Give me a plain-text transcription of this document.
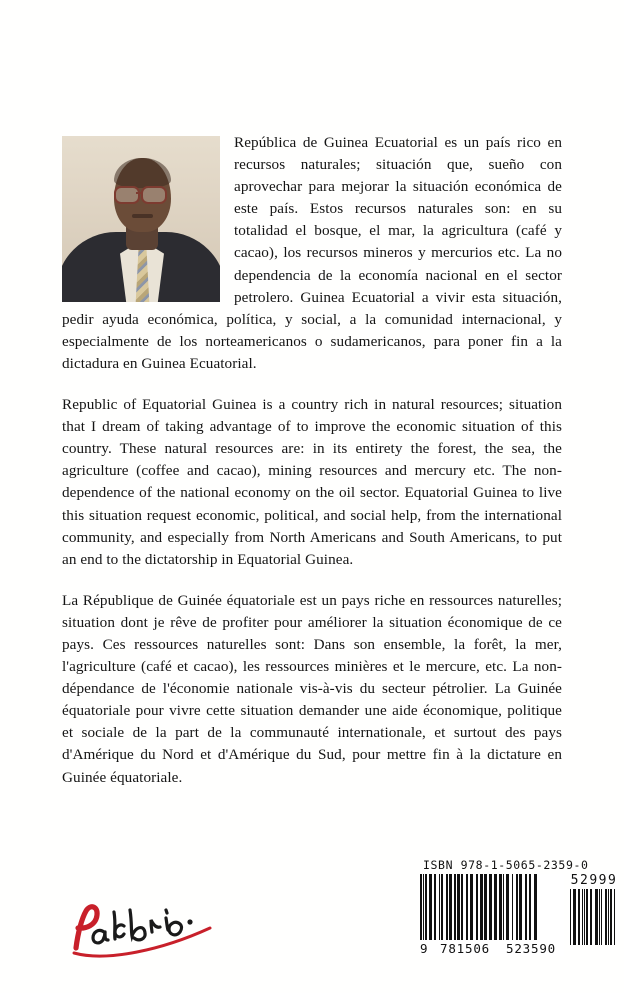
República de Guinea Ecuatorial es un país rico en recursos naturales; situación que, sueño con aprovechar para mejorar la situación económica de este país. Estos recursos naturales son: en su totalidad el bosque, el mar, la agricultura (café y cacao), los recursos mineros y mercurios etc. La no dependencia de la economía nacional en el sector petrolero. Guinea Ecuatorial a vivir esta situación, pedir ayuda económica, política, y social, a la comunidad internacional, y especialmente de los norteamericanos o sudamericanos, para poner fin a la dictadura en Guinea Ecuatorial.

Republic of Equatorial Guinea is a country rich in natural resources; situation that I dream of taking advantage of to improve the economic situation of this country. These natural resources are: in its entirety the forest, the sea, the agriculture (coffee and cacao), mining resources and mercury etc. The non-dependence of the national economy on the oil sector. Equatorial Guinea to live this situation request economic, political, and social help, from the international community, and especially from North Americans and South Americans, to put an end to the dictatorship in Equatorial Guinea.

La République de Guinée équatoriale est un pays riche en ressources naturelles; situation dont je rêve de profiter pour améliorer la situation économique de ce pays. Ces ressources naturelles sont: Dans son ensemble, la forêt, la mer, l'agriculture (café et cacao), les ressources minières et le mercure, etc. La non-dépendance de l'économie nationale vis-à-vis du secteur pétrolier. La Guinée équatoriale pour vivre cette situation demander une aide économique, politique et sociale de la part de la communauté internationale, et surtout des pays d'Amérique du Nord et d'Amérique du Sud, pour mettre fin à la dictature en Guinée équatoriale.

ISBN 978-1-5065-2359-0
9 781506	523590
52999
